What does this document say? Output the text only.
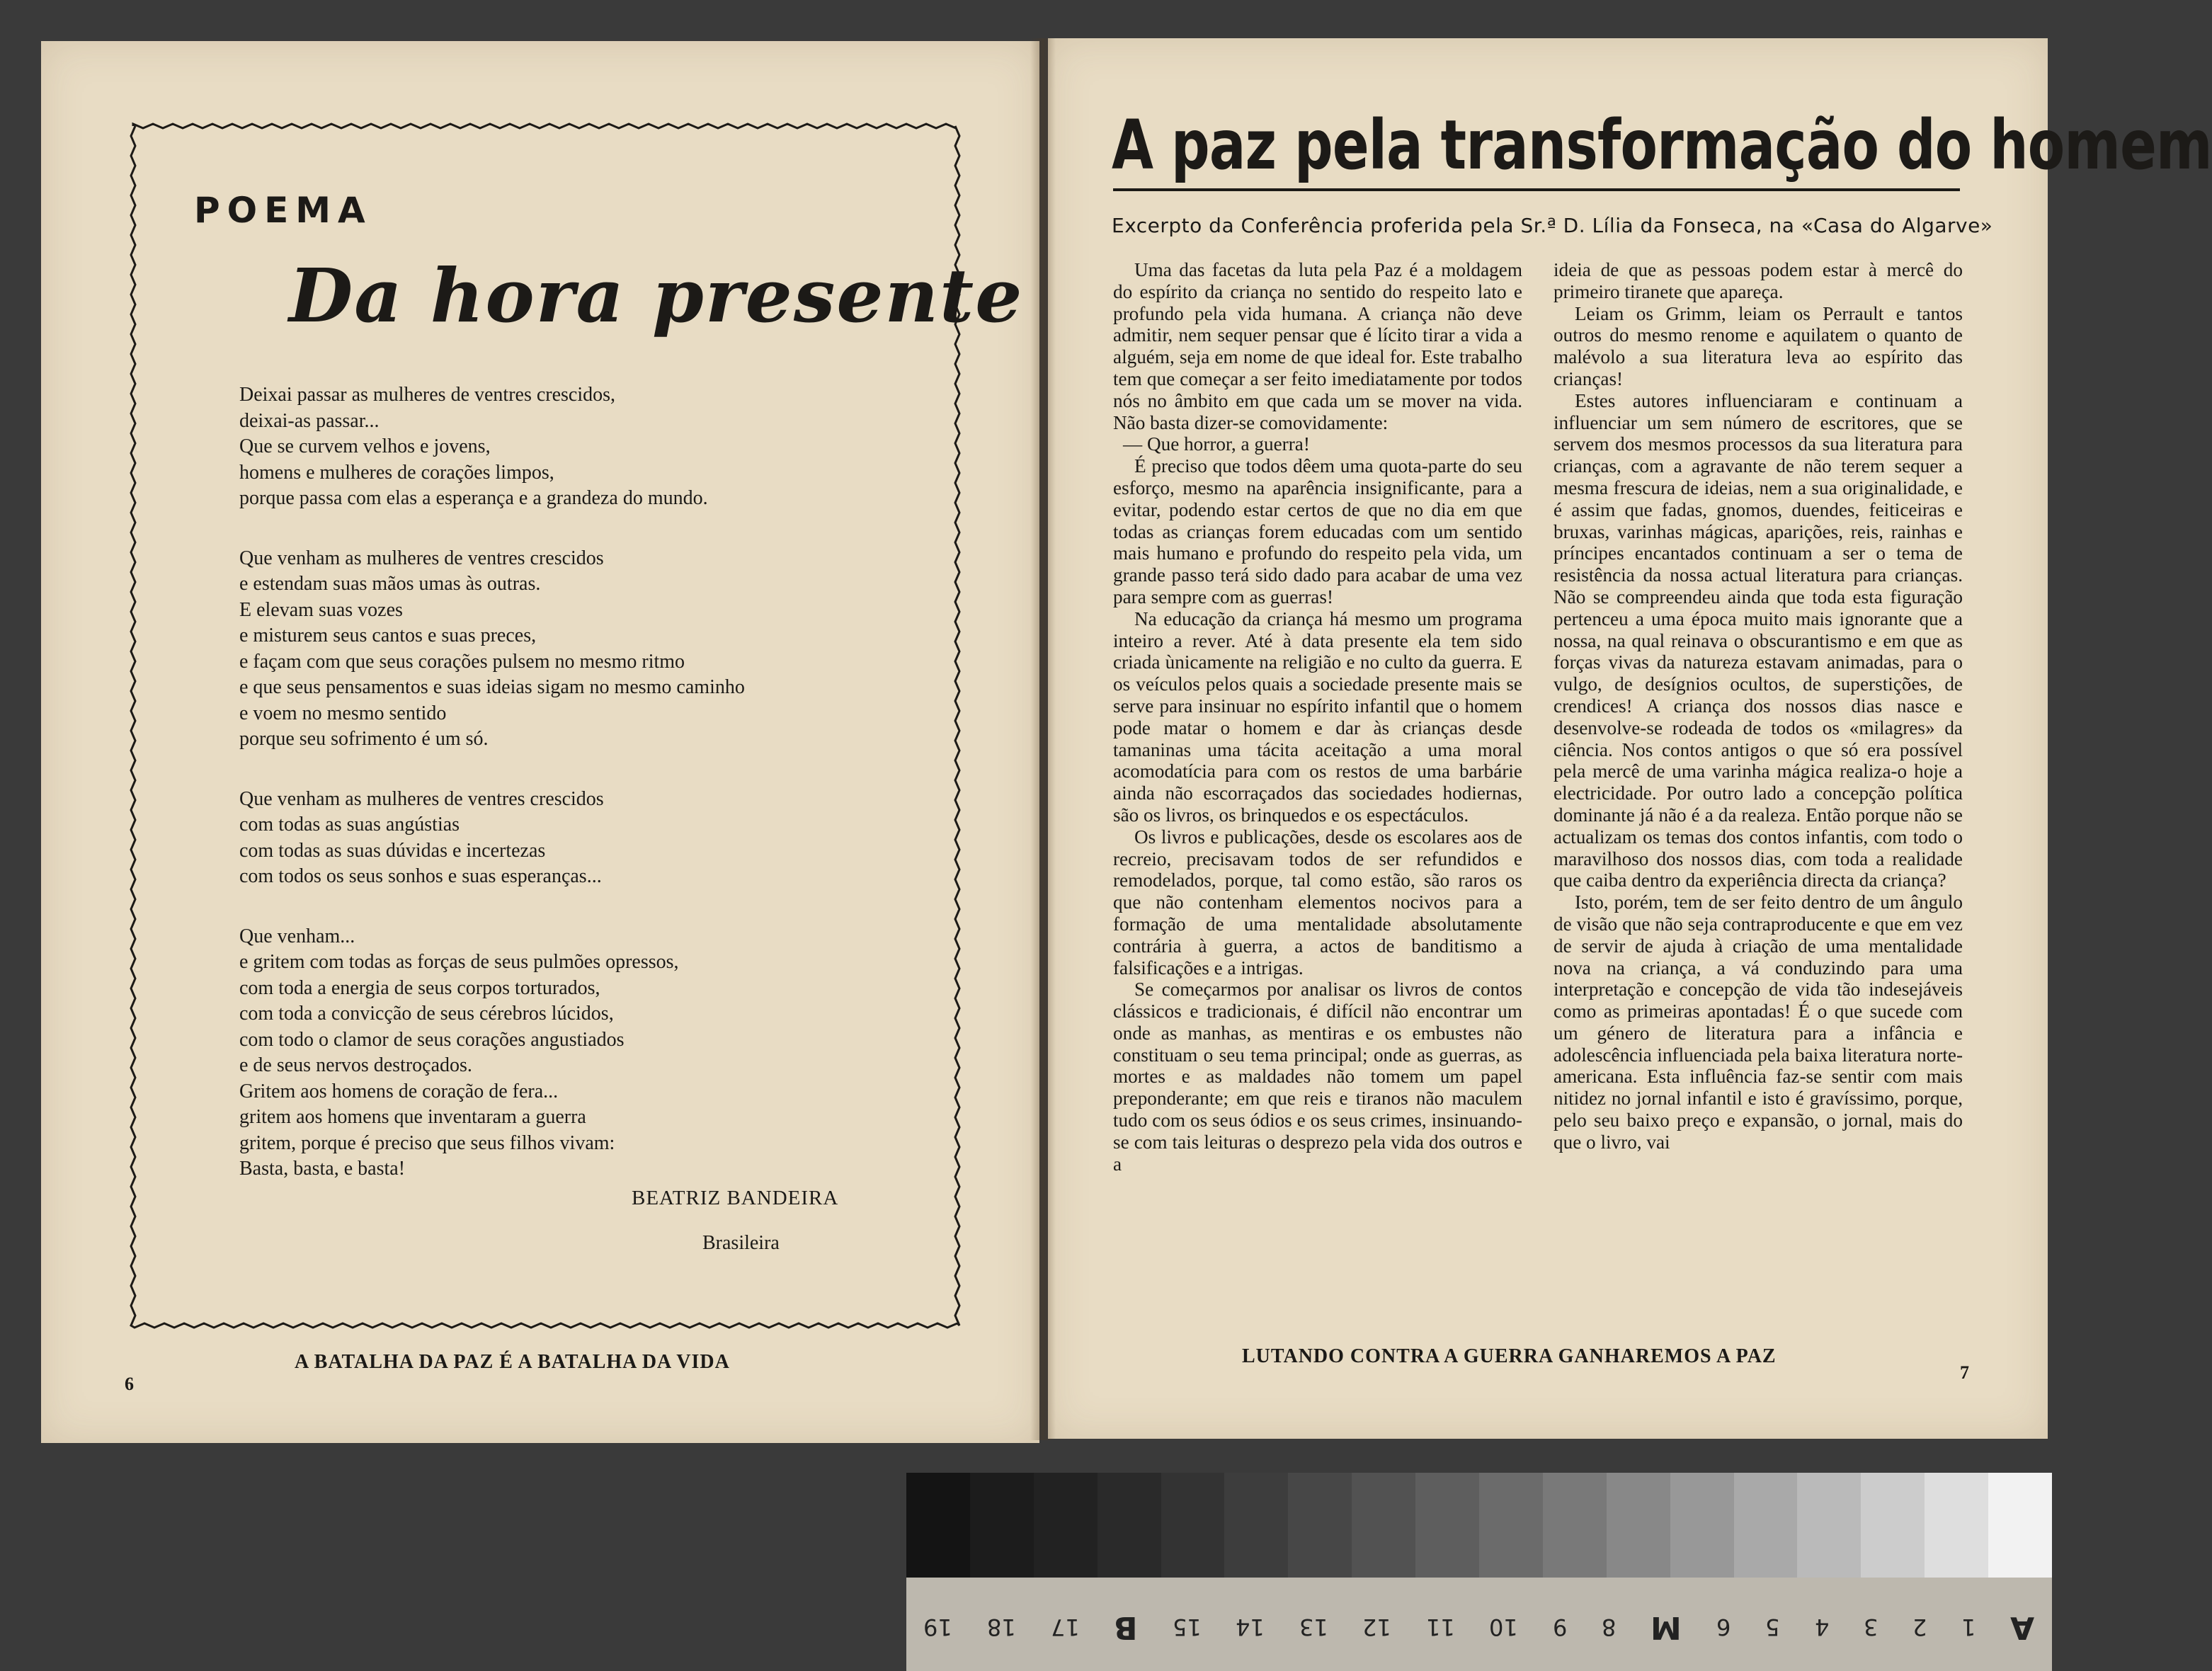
POEMA
Da hora presente
Deixai passar as mulheres de ventres crescidos,
deixai-as passar...
Que se curvem velhos e jovens,
homens e mulheres de corações limpos,
porque passa com elas a esperança e a grandeza do mundo.
Que venham as mulheres de ventres crescidos
e estendam suas mãos umas às outras.
E elevam suas vozes
e misturem seus cantos e suas preces,
e façam com que seus corações pulsem no mesmo ritmo
e que seus pensamentos e suas ideias sigam no mesmo caminho
e voem no mesmo sentido
porque seu sofrimento é um só.
Que venham as mulheres de ventres crescidos
com todas as suas angústias
com todas as suas dúvidas e incertezas
com todos os seus sonhos e suas esperanças...
Que venham...
e gritem com todas as forças de seus pulmões opressos,
com toda a energia de seus corpos torturados,
com toda a convicção de seus cérebros lúcidos,
com todo o clamor de seus corações angustiados
e de seus nervos destroçados.
Gritem aos homens de coração de fera...
gritem aos homens que inventaram a guerra
gritem, porque é preciso que seus filhos vivam:
Basta, basta, e basta!
BEATRIZ BANDEIRA
Brasileira
A BATALHA DA PAZ É A BATALHA DA VIDA
6
A paz pela transformação do homem
Excerpto da Conferência proferida pela Sr.ª D. Lília da Fonseca, na «Casa do Algarve»

Uma das facetas da luta pela Paz é a moldagem do espírito da criança no sentido do respeito lato e profundo pela vida humana. A criança não deve admitir, nem sequer pensar que é lícito tirar a vida a alguém, seja em nome de que ideal for. Este trabalho tem que começar a ser feito imediatamente por todos nós no âmbito em que cada um se mover na vida. Não basta dizer-se comovidamente:

— Que horror, a guerra!

É preciso que todos dêem uma quota-parte do seu esforço, mesmo na aparência insignificante, para a evitar, podendo estar certos de que no dia em que todas as crianças forem educadas com um sentido mais humano e profundo do respeito pela vida, um grande passo terá sido dado para acabar de uma vez para sempre com as guerras!

Na educação da criança há mesmo um programa inteiro a rever. Até à data presente ela tem sido criada ùnicamente na religião e no culto da guerra. E os veículos pelos quais a sociedade presente mais se serve para insinuar no espírito infantil que o homem pode matar o homem e dar às crianças desde tamaninas uma tácita aceitação a uma moral acomodatícia para com os restos de uma barbárie ainda não escorraçados das sociedades hodiernas, são os livros, os brinquedos e os espectáculos.

Os livros e publicações, desde os escolares aos de recreio, precisavam todos de ser refundidos e remodelados, porque, tal como estão, são raros os que não contenham elementos nocivos para a formação de uma mentalidade absolutamente contrária à guerra, a actos de banditismo a falsificações e a intrigas.

Se começarmos por analisar os livros de contos clássicos e tradicionais, é difícil não encontrar um onde as manhas, as mentiras e os embustes não constituam o seu tema principal; onde as guerras, as mortes e as maldades não tomem um papel preponderante; em que reis e tiranos não maculem tudo com os seus ódios e os seus crimes, insinuando-se com tais leituras o desprezo pela vida dos outros e a

ideia de que as pessoas podem estar à mercê do primeiro tiranete que apareça.

Leiam os Grimm, leiam os Perrault e tantos outros do mesmo renome e aquilatem o quanto de malévolo a sua literatura leva ao espírito das crianças!

Estes autores influenciaram e continuam a influenciar um sem número de escritores, que se servem dos mesmos processos da sua literatura para crianças, com a agravante de não terem sequer a mesma frescura de ideias, nem a sua originalidade, e é assim que fadas, gnomos, duendes, feiticeiras e bruxas, varinhas mágicas, aparições, reis, rainhas e príncipes encantados continuam a ser o tema de resistência da nossa actual literatura para crianças. Não se compreendeu ainda que toda esta figuração pertenceu a uma época muito mais ignorante que a nossa, na qual reinava o obscurantismo e em que as forças vivas da natureza estavam animadas, para o vulgo, de desígnios ocultos, de superstições, de crendices! A criança dos nossos dias nasce e desenvolve-se rodeada de todos os «milagres» da ciência. Nos contos antigos o que só era possível pela mercê de uma varinha mágica realiza-o hoje a electricidade. Por outro lado a concepção política dominante já não é a da realeza. Então porque não se actualizam os temas dos contos infantis, com todo o maravilhoso dos nossos dias, com toda a realidade que caiba dentro da experiência directa da criança?

Isto, porém, tem de ser feito dentro de um ângulo de visão que não seja contraproducente e que em vez de servir de ajuda à criação de uma mentalidade nova na criança, a vá conduzindo para uma interpretação e concepção de vida tão indesejáveis como as primeiras apontadas! É o que sucede com um género de literatura para a infância e adolescência influenciada pela baixa literatura norte-americana. Esta influência faz-se sentir com mais nitidez no jornal infantil e isto é gravíssimo, porque, pelo seu baixo preço e expansão, o jornal, mais do que o livro, vai

LUTANDO CONTRA A GUERRA GANHAREMOS A PAZ
7
19 18 17 B 15 14 13 12 11 10 9 8 M 6 5 4 3 2 1 A
